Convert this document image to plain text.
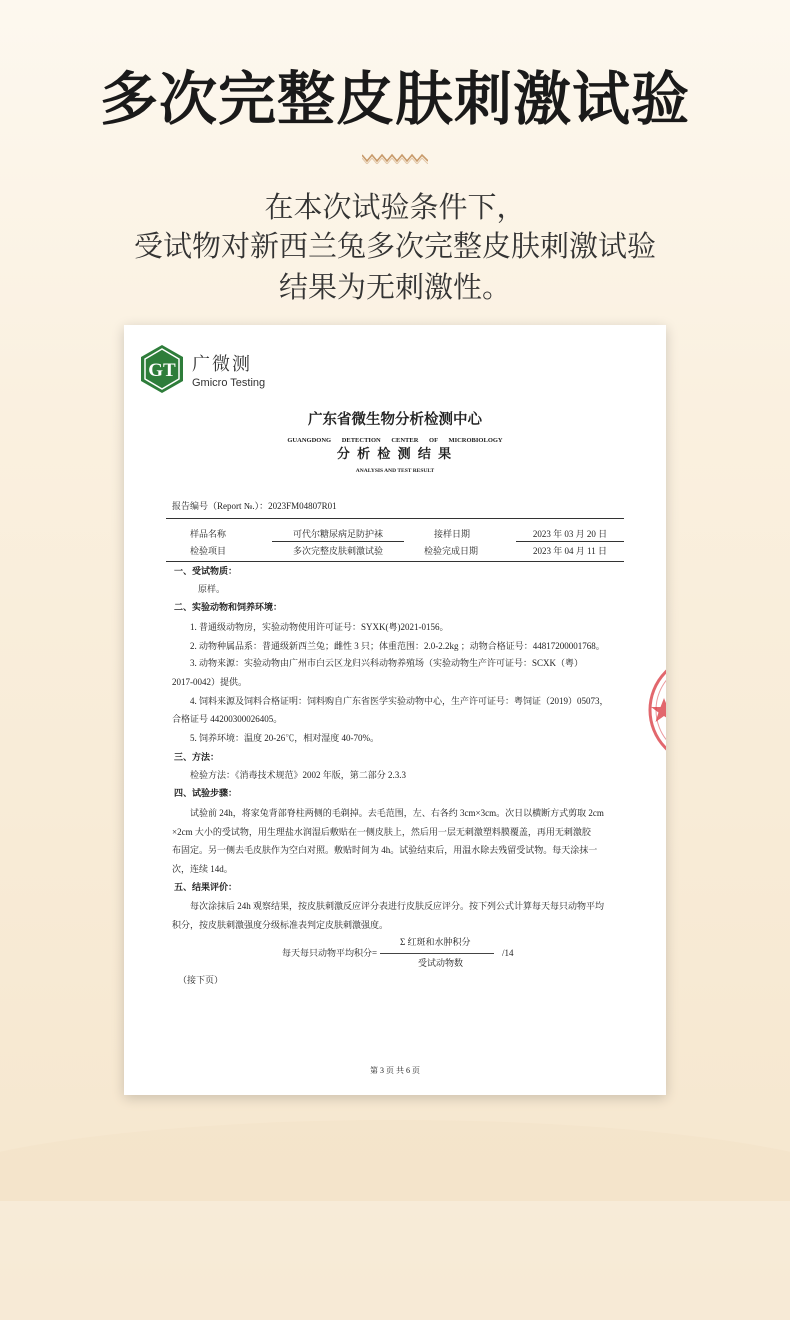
多次完整皮肤刺激试验
在本次试验条件下，
受试物对新西兰兔多次完整皮肤刺激试验
结果为无刺激性。
GT 广微测
Gmicro Testing
广东省微生物分析检测中心
GUANGDONG DETECTION CENTER OF MICROBIOLOGY
分 析 检 测 结 果
ANALYSIS AND TEST RESULT
报告编号（Report №.）：2023FM04807R01
样品名称	可代尔糖尿病足防护袜	接样日期	2023 年 03 月 20 日
检验项目	多次完整皮肤刺激试验	检验完成日期	2023 年 04 月 11 日
一、受试物质：
原样。
二、实验动物和饲养环境：
1. 普通级动物房，实验动物使用许可证号：SYXK(粤)2021-0156。
2. 动物种属品系：普通级新西兰兔；雌性 3 只；体重范围：2.0-2.2kg ；动物合格证号：44817200001768。
3. 动物来源：实验动物由广州市白云区龙归兴科动物养殖场（实验动物生产许可证号：SCXK（粤）
2017-0042）提供。
4. 饲料来源及饲料合格证明：饲料购自广东省医学实验动物中心，生产许可证号：粤饲证（2019）05073，
合格证号 44200300026405。
5. 饲养环境：温度 20-26℃，相对湿度 40-70%。
三、方法：
检验方法：《消毒技术规范》2002 年版，第二部分 2.3.3
四、试验步骤：
试验前 24h，将家兔背部脊柱两侧的毛剃掉。去毛范围，左、右各约 3cm×3cm。次日以横断方式剪取 2cm
×2cm 大小的受试物，用生理盐水润湿后敷贴在一侧皮肤上，然后用一层无刺激塑料膜覆盖，再用无刺激胶
布固定。另一侧去毛皮肤作为空白对照。敷贴时间为 4h。试验结束后，用温水除去残留受试物。每天涂抹一
次，连续 14d。
五、结果评价：
每次涂抹后 24h 观察结果，按皮肤刺激反应评分表进行皮肤反应评分。按下列公式计算每天每只动物平均
积分，按皮肤刺激强度分级标准表判定皮肤刺激强度。
每天每只动物平均积分=
Σ 红斑和水肿积分
/14
受试动物数
（接下页）
第 3 页 共 6 页
